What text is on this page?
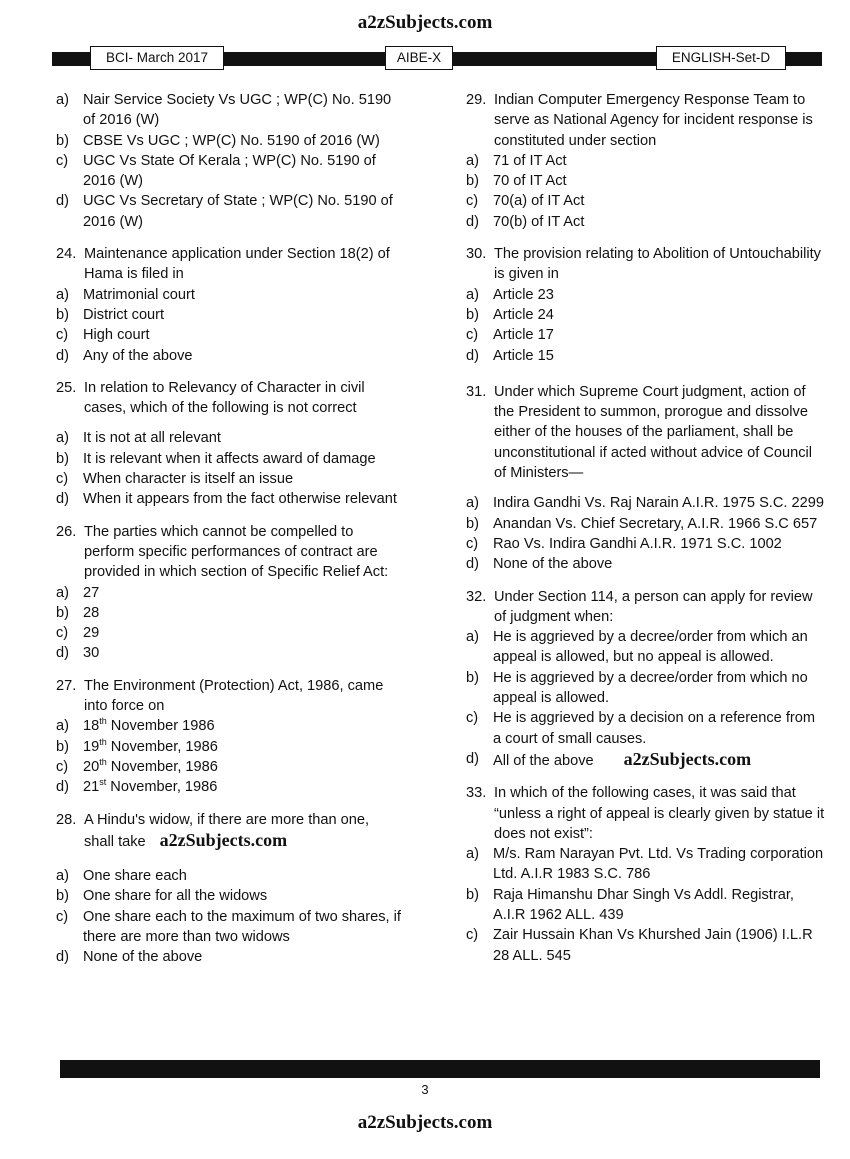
a2zSubjects.com
BCI- March 2017	AIBE-X	ENGLISH-Set-D
a) Nair Service Society Vs UGC ; WP(C) No. 5190 of 2016 (W)
b) CBSE Vs UGC ; WP(C) No. 5190 of 2016 (W)
c)	UGC Vs State Of Kerala ; WP(C) No. 5190 of 2016 (W)
d) UGC Vs Secretary of State ; WP(C) No. 5190 of 2016 (W)
24. Maintenance application under Section 18(2) of Hama is filed in
a) Matrimonial court
b) District court
c)	High court
d) Any of the above
25. In relation to Relevancy of Character in civil cases, which of the following is not correct
a) It is not at all relevant
b) It is relevant when it affects award of damage
c)	When character is itself an issue
d) When it appears from the fact otherwise relevant
26. The parties which cannot be compelled to perform specific performances of contract are provided in which section of Specific Relief Act:
a) 27
b) 28
c)	29
d) 30
27. The Environment (Protection) Act, 1986, came into force on
a) 18th November 1986
b) 19th November, 1986
c)	20th November, 1986
d) 21st November, 1986
28. A Hindu's widow, if there are more than one,
shall take a2zSubjects.com
a) One share each
b) One share for all the widows
c)	One share each to the maximum of two shares, if there are more than two widows
d) None of the above
29. Indian Computer Emergency Response Team to serve as National Agency for incident response is constituted under section
a) 71 of IT Act
b) 70 of IT Act
c)	70(a) of IT Act
d) 70(b) of IT Act
30. The provision relating to Abolition of Untouchability is given in
a) Article 23
b) Article 24
c)	Article 17
d) Article 15
31. Under which Supreme Court judgment, action of the President to summon, prorogue and dissolve either of the houses of the parliament, shall be unconstitutional if acted without advice of Council of Ministers—
a) Indira Gandhi Vs. Raj Narain A.I.R. 1975 S.C. 2299
b) Anandan Vs. Chief Secretary, A.I.R. 1966 S.C 657
c)	Rao Vs. Indira Gandhi A.I.R. 1971 S.C. 1002
d) None of the above
32. Under Section 114, a person can apply for review of judgment when:
a) He is aggrieved by a decree/order from which an appeal is allowed, but no appeal is allowed.
b) He is aggrieved by a decree/order from which no appeal is allowed.
c)	He is aggrieved by a decision on a reference from a court of small causes.
d) All of the above a2zSubjects.com
33. In which of the following cases, it was said that “unless a right of appeal is clearly given by statue it does not exist”:
a) M/s. Ram Narayan Pvt. Ltd. Vs Trading corporation Ltd. A.I.R 1983 S.C. 786
b) Raja Himanshu Dhar Singh Vs Addl. Registrar, A.I.R 1962 ALL. 439
c)	Zair Hussain Khan Vs Khurshed Jain (1906) I.L.R 28 ALL. 545
3
a2zSubjects.com
